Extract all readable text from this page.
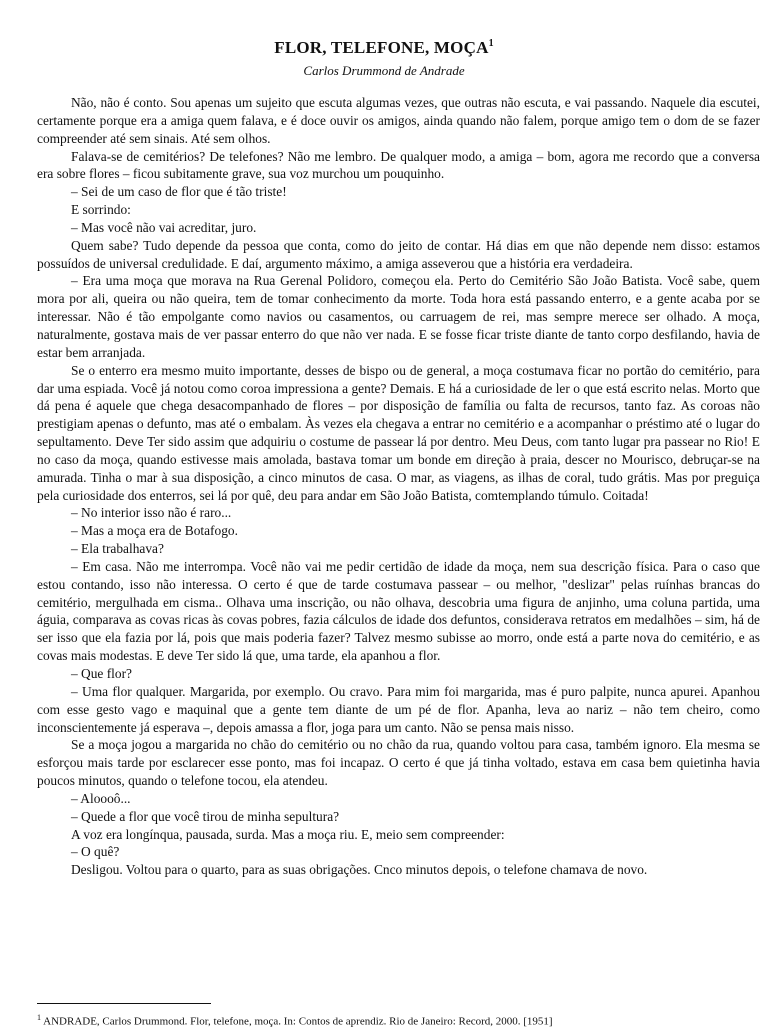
FLOR, TELEFONE, MOÇA$^1$
Carlos Drummond de Andrade

Não, não é conto. Sou apenas um sujeito que escuta algumas vezes, que outras não escuta, e vai passando. Naquele dia escutei, certamente porque era a amiga quem falava, e é doce ouvir os amigos, ainda quando não falem, porque amigo tem o dom de se fazer compreender até sem sinais. Até sem olhos.

Falava-se de cemitérios? De telefones? Não me lembro. De qualquer modo, a amiga – bom, agora me recordo que a conversa era sobre flores – ficou subitamente grave, sua voz murchou um pouquinho.

– Sei de um caso de flor que é tão triste!

E sorrindo:

– Mas você não vai acreditar, juro.

Quem sabe? Tudo depende da pessoa que conta, como do jeito de contar. Há dias em que não depende nem disso: estamos possuídos de universal credulidade. E daí, argumento máximo, a amiga asseverou que a história era verdadeira.

– Era uma moça que morava na Rua Gerenal Polidoro, começou ela. Perto do Cemitério São João Batista. Você sabe, quem mora por ali, queira ou não queira, tem de tomar conhecimento da morte. Toda hora está passando enterro, e a gente acaba por se interessar. Não é tão empolgante como navios ou casamentos, ou carruagem de rei, mas sempre merece ser olhado. A moça, naturalmente, gostava mais de ver passar enterro do que não ver nada. E se fosse ficar triste diante de tanto corpo desfilando, havia de estar bem arranjada.

Se o enterro era mesmo muito importante, desses de bispo ou de general, a moça costumava ficar no portão do cemitério, para dar uma espiada. Você já notou como coroa impressiona a gente? Demais. E há a curiosidade de ler o que está escrito nelas. Morto que dá pena é aquele que chega desacompanhado de flores – por disposição de família ou falta de recursos, tanto faz. As coroas não prestigiam apenas o defunto, mas até o embalam. Às vezes ela chegava a entrar no cemitério e a acompanhar o préstimo até o lugar do sepultamento. Deve Ter sido assim que adquiriu o costume de passear lá por dentro. Meu Deus, com tanto lugar pra passear no Rio! E no caso da moça, quando estivesse mais amolada, bastava tomar um bonde em direção à praia, descer no Mourisco, debruçar-se na amurada. Tinha o mar à sua disposição, a cinco minutos de casa. O mar, as viagens, as ilhas de coral, tudo grátis. Mas por preguiça pela curiosidade dos enterros, sei lá por quê, deu para andar em São João Batista, comtemplando túmulo. Coitada!

– No interior isso não é raro...

– Mas a moça era de Botafogo.

– Ela trabalhava?

– Em casa. Não me interrompa. Você não vai me pedir certidão de idade da moça, nem sua descrição física. Para o caso que estou contando, isso não interessa. O certo é que de tarde costumava passear – ou melhor, "deslizar" pelas ruínhas brancas do cemitério, mergulhada em cisma.. Olhava uma inscrição, ou não olhava, descobria uma figura de anjinho, uma coluna partida, uma águia, comparava as covas ricas às covas pobres, fazia cálculos de idade dos defuntos, considerava retratos em medalhões – sim, há de ser isso que ela fazia por lá, pois que mais poderia fazer? Talvez mesmo subisse ao morro, onde está a parte nova do cemitério, e as covas mais modestas. E deve Ter sido lá que, uma tarde, ela apanhou a flor.

– Que flor?

– Uma flor qualquer. Margarida, por exemplo. Ou cravo. Para mim foi margarida, mas é puro palpite, nunca apurei. Apanhou com esse gesto vago e maquinal que a gente tem diante de um pé de flor. Apanha, leva ao nariz – não tem cheiro, como inconscientemente já esperava –, depois amassa a flor, joga para um canto. Não se pensa mais nisso.

Se a moça jogou a margarida no chão do cemitério ou no chão da rua, quando voltou para casa, também ignoro. Ela mesma se esforçou mais tarde por esclarecer esse ponto, mas foi incapaz. O certo é que já tinha voltado, estava em casa bem quietinha havia poucos minutos, quando o telefone tocou, ela atendeu.

– Aloooô...

– Quede a flor que você tirou de minha sepultura?

A voz era longínqua, pausada, surda. Mas a moça riu. E, meio sem compreender:

– O quê?

Desligou. Voltou para o quarto, para as suas obrigações. Cnco minutos depois, o telefone chamava de novo.

$^1$ ANDRADE, Carlos Drummond. Flor, telefone, moça. In: Contos de aprendiz. Rio de Janeiro: Record, 2000. [1951]
